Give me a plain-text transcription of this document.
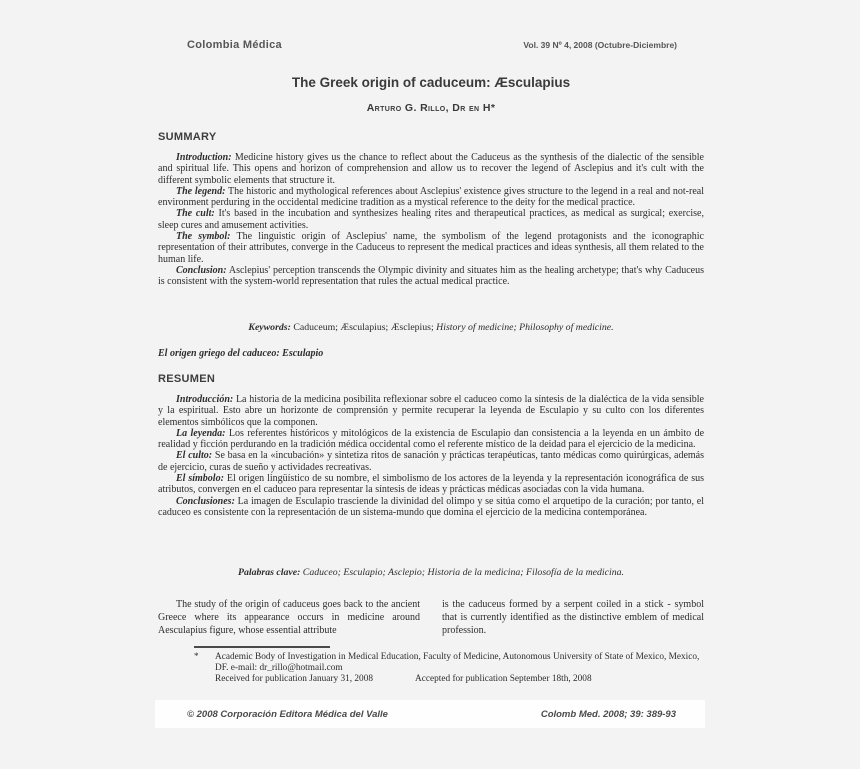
Colombia Médica	Vol. 39 Nº 4, 2008 (Octubre-Diciembre)
The Greek origin of caduceum: Æsculapius
Arturo G. Rillo, Dr en H*
SUMMARY

Introduction: Medicine history gives us the chance to reflect about the Caduceus as the synthesis of the dialectic of the sensible and spiritual life. This opens and horizon of comprehension and allow us to recover the legend of Asclepius and it's cult with the different symbolic elements that structure it.

The legend: The historic and mythological references about Asclepius' existence gives structure to the legend in a real and not-real environment perduring in the occidental medicine tradition as a mystical reference to the deity for the medical practice.

The cult: It's based in the incubation and synthesizes healing rites and therapeutical practices, as medical as surgical; exercise, sleep cures and amusement activities.

The symbol: The linguistic origin of Asclepius' name, the symbolism of the legend protagonists and the iconographic representation of their attributes, converge in the Caduceus to represent the medical practices and ideas synthesis, all them related to the human life.

Conclusion: Asclepius' perception transcends the Olympic divinity and situates him as the healing archetype; that's why Caduceus is consistent with the system-world representation that rules the actual medical practice.

Keywords: Caduceum; Æsculapius; Æsclepius; History of medicine; Philosophy of medicine.

El origen griego del caduceo: Esculapio

RESUMEN

Introducción: La historia de la medicina posibilita reflexionar sobre el caduceo como la síntesis de la dialéctica de la vida sensible y la espiritual. Esto abre un horizonte de comprensión y permite recuperar la leyenda de Esculapio y su culto con los diferentes elementos simbólicos que la componen.

La leyenda: Los referentes históricos y mitológicos de la existencia de Esculapio dan consistencia a la leyenda en un ámbito de realidad y ficción perdurando en la tradición médica occidental como el referente místico de la deidad para el ejercicio de la medicina.

El culto: Se basa en la «incubación» y sintetiza ritos de sanación y prácticas terapéuticas, tanto médicas como quirúrgicas, además de ejercicio, curas de sueño y actividades recreativas.

El símbolo: El origen lingüístico de su nombre, el simbolismo de los actores de la leyenda y la representación iconográfica de sus atributos, convergen en el caduceo para representar la síntesis de ideas y prácticas médicas asociadas con la vida humana.

Conclusiones: La imagen de Esculapio trasciende la divinidad del olimpo y se sitúa como el arquetipo de la curación; por tanto, el caduceo es consistente con la representación de un sistema-mundo que domina el ejercicio de la medicina contemporánea.

Palabras clave: Caduceo; Esculapio; Asclepio; Historia de la medicina; Filosofía de la medicina.

The study of the origin of caduceus goes back to the ancient Greece where its appearance occurs in medicine around Aesculapius figure, whose essential attribute

is the caduceus formed by a serpent coiled in a stick - symbol that is currently identified as the distinctive emblem of medical profession.

*	Academic Body of Investigation in Medical Education, Faculty of Medicine, Autonomous University of State of Mexico, Mexico, DF. e-mail: dr_rillo@hotmail.com

Received for publication January 31, 2008	Accepted for publication September 18th, 2008

© 2008 Corporación Editora Médica del Valle	Colomb Med. 2008; 39: 389-93
